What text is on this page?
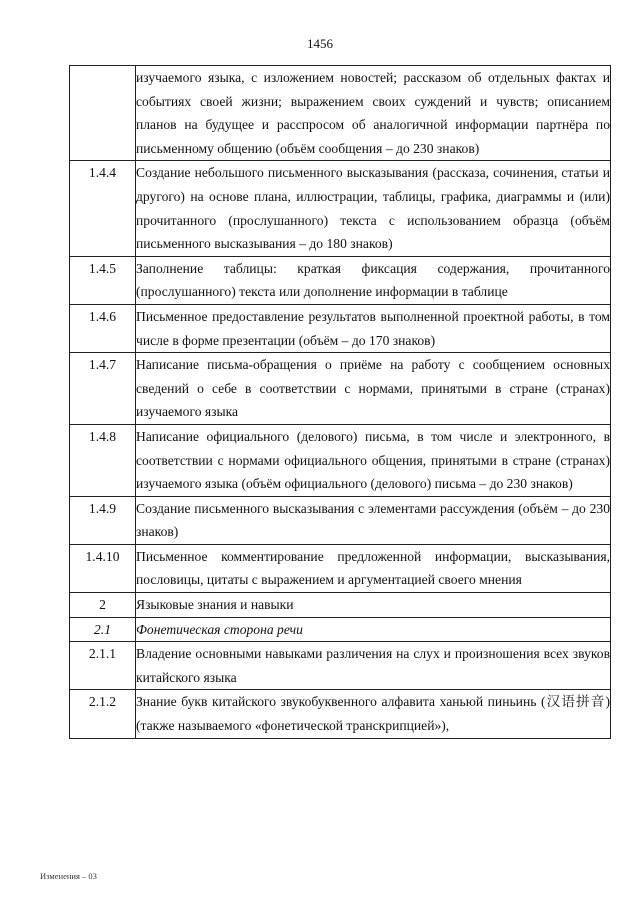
1456
	изучаемого языка, с изложением новостей; рассказом об отдельных фактах и событиях своей жизни; выражением своих суждений и чувств; описанием планов на будущее и расспросом об аналогичной информации партнёра по письменному общению (объём сообщения – до 230 знаков)
1.4.4	Создание небольшого письменного высказывания (рассказа, сочинения, статьи и другого) на основе плана, иллюстрации, таблицы, графика, диаграммы и (или) прочитанного (прослушанного) текста с использованием образца (объём письменного высказывания – до 180 знаков)
1.4.5	Заполнение таблицы: краткая фиксация содержания, прочитанного (прослушанного) текста или дополнение информации в таблице
1.4.6	Письменное предоставление результатов выполненной проектной работы, в том числе в форме презентации (объём – до 170 знаков)
1.4.7	Написание письма-обращения о приёме на работу с сообщением основных сведений о себе в соответствии с нормами, принятыми в стране (странах) изучаемого языка
1.4.8	Написание официального (делового) письма, в том числе и электронного, в соответствии с нормами официального общения, принятыми в стране (странах) изучаемого языка (объём официального (делового) письма – до 230 знаков)
1.4.9	Создание письменного высказывания с элементами рассуждения (объём – до 230 знаков)
1.4.10	Письменное комментирование предложенной информации, высказывания, пословицы, цитаты с выражением и аргументацией своего мнения
2	Языковые знания и навыки
2.1	Фонетическая сторона речи
2.1.1	Владение основными навыками различения на слух и произношения всех звуков китайского языка
2.1.2	Знание букв китайского звукобуквенного алфавита ханьюй пиньинь (汉语拼音) (также называемого «фонетической транскрипцией»),
Изменения – 03
